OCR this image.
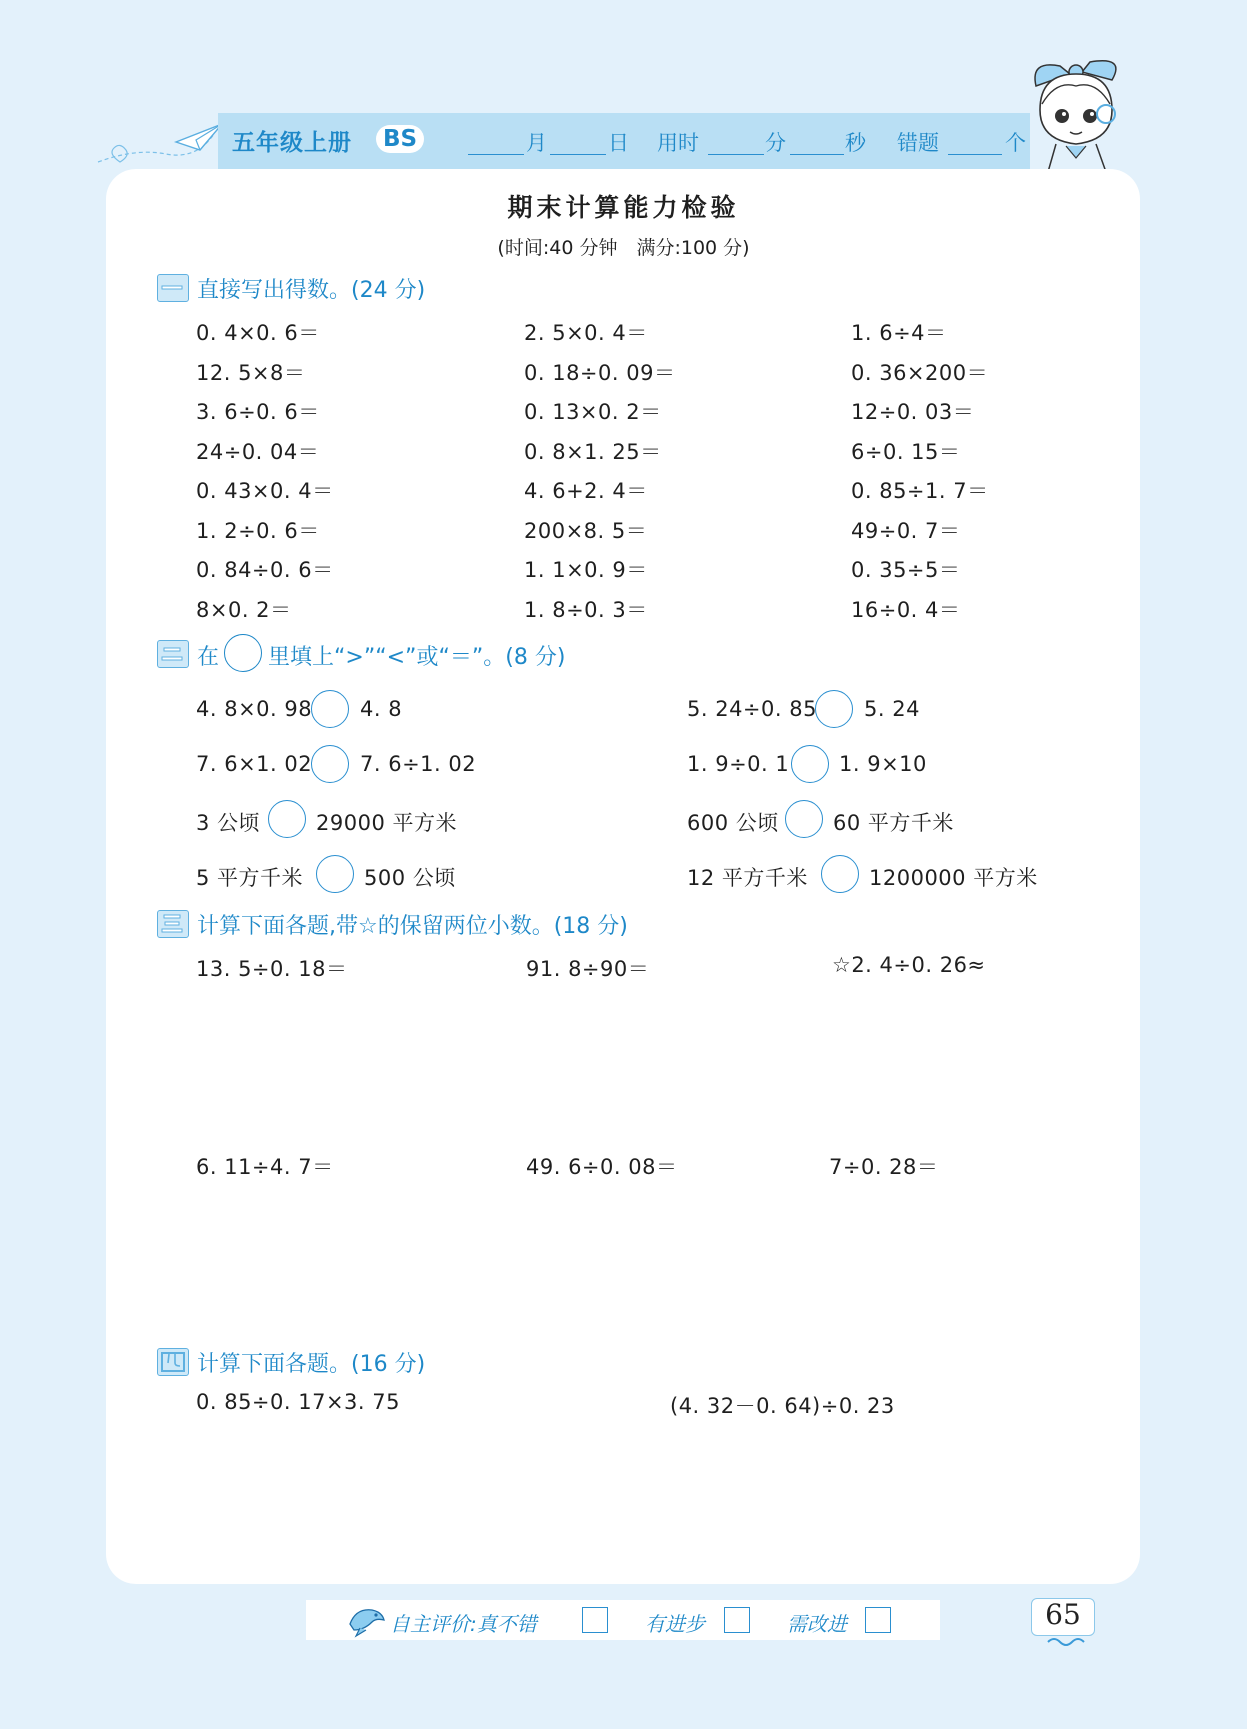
五年级上册	BS	月	日 用时	分	秒 错题	个
期末计算能力检验
(时间:40 分钟　满分:100 分)
直接写出得数。(24 分)
0. 4×0. 6＝	2. 5×0. 4＝	1. 6÷4＝
12. 5×8＝	0. 18÷0. 09＝	0. 36×200＝
3. 6÷0. 6＝	0. 13×0. 2＝	12÷0. 03＝
24÷0. 04＝	0. 8×1. 25＝	6÷0. 15＝
0. 43×0. 4＝	4. 6+2. 4＝	0. 85÷1. 7＝
1. 2÷0. 6＝	200×8. 5＝	49÷0. 7＝
0. 84÷0. 6＝	1. 1×0. 9＝	0. 35÷5＝
8×0. 2＝	1. 8÷0. 3＝	16÷0. 4＝
在 里填上“>”“<”或“＝”。(8 分)
4. 8×0. 98 4. 8	5. 24÷0. 85 5. 24
7. 6×1. 02 7. 6÷1. 02	1. 9÷0. 1 1. 9×10
3 公顷	29000 平方米	600 公顷	60 平方千米
5 平方千米	500 公顷	12 平方千米	1200000 平方米
计算下面各题,带☆的保留两位小数。(18 分)
13. 5÷0. 18＝	91. 8÷90＝	☆2. 4÷0. 26≈
6. 11÷4. 7＝	49. 6÷0. 08＝	7÷0. 28＝
计算下面各题。(16 分)
0. 85÷0. 17×3. 75	(4. 32－0. 64)÷0. 23
自主评价:真不错	有进步	需改进	65
